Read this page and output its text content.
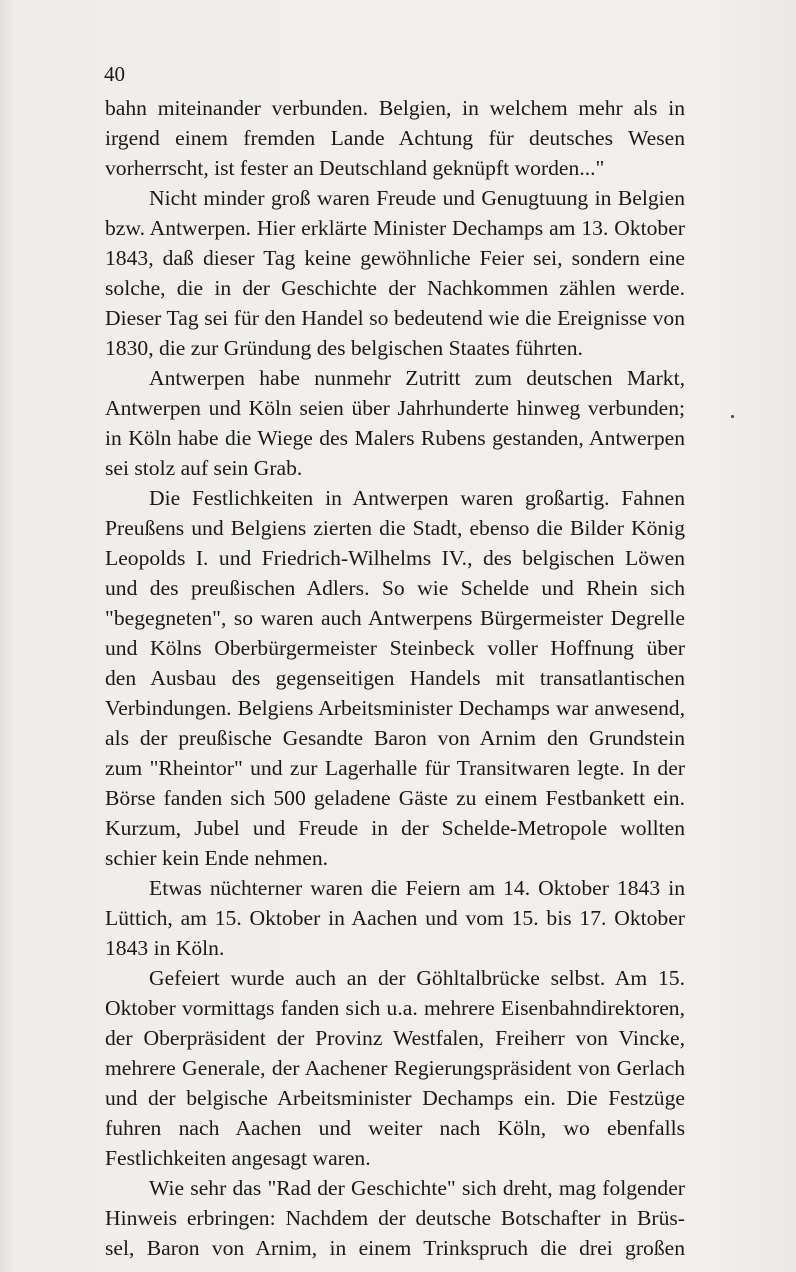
40
bahn miteinander verbunden. Belgien, in welchem mehr als in
irgend einem fremden Lande Achtung für deutsches Wesen
vorherrscht, ist fester an Deutschland geknüpft worden..."
Nicht minder groß waren Freude und Genugtuung in Belgien
bzw. Antwerpen. Hier erklärte Minister Dechamps am 13. Oktober
1843, daß dieser Tag keine gewöhnliche Feier sei, sondern eine
solche, die in der Geschichte der Nachkommen zählen werde.
Dieser Tag sei für den Handel so bedeutend wie die Ereignisse von
1830, die zur Gründung des belgischen Staates führten.
Antwerpen habe nunmehr Zutritt zum deutschen Markt,
Antwerpen und Köln seien über Jahrhunderte hinweg verbunden;
in Köln habe die Wiege des Malers Rubens gestanden, Antwerpen
sei stolz auf sein Grab.
Die Festlichkeiten in Antwerpen waren großartig. Fahnen
Preußens und Belgiens zierten die Stadt, ebenso die Bilder König
Leopolds I. und Friedrich-Wilhelms IV., des belgischen Löwen
und des preußischen Adlers. So wie Schelde und Rhein sich
"begegneten", so waren auch Antwerpens Bürgermeister Degrelle
und Kölns Oberbürgermeister Steinbeck voller Hoffnung über
den Ausbau des gegenseitigen Handels mit transatlantischen
Verbindungen. Belgiens Arbeitsminister Dechamps war anwesend,
als der preußische Gesandte Baron von Arnim den Grundstein
zum "Rheintor" und zur Lagerhalle für Transitwaren legte. In der
Börse fanden sich 500 geladene Gäste zu einem Festbankett ein.
Kurzum, Jubel und Freude in der Schelde-Metropole wollten
schier kein Ende nehmen.
Etwas nüchterner waren die Feiern am 14. Oktober 1843 in
Lüttich, am 15. Oktober in Aachen und vom 15. bis 17. Oktober
1843 in Köln.
Gefeiert wurde auch an der Göhltalbrücke selbst. Am 15.
Oktober vormittags fanden sich u.a. mehrere Eisenbahndirektoren,
der Oberpräsident der Provinz Westfalen, Freiherr von Vincke,
mehrere Generale, der Aachener Regierungspräsident von Gerlach
und der belgische Arbeitsminister Dechamps ein. Die Festzüge
fuhren nach Aachen und weiter nach Köln, wo ebenfalls
Festlichkeiten angesagt waren.
Wie sehr das "Rad der Geschichte" sich dreht, mag folgender
Hinweis erbringen: Nachdem der deutsche Botschafter in Brüs-
sel, Baron von Arnim, in einem Trinkspruch die drei großen
